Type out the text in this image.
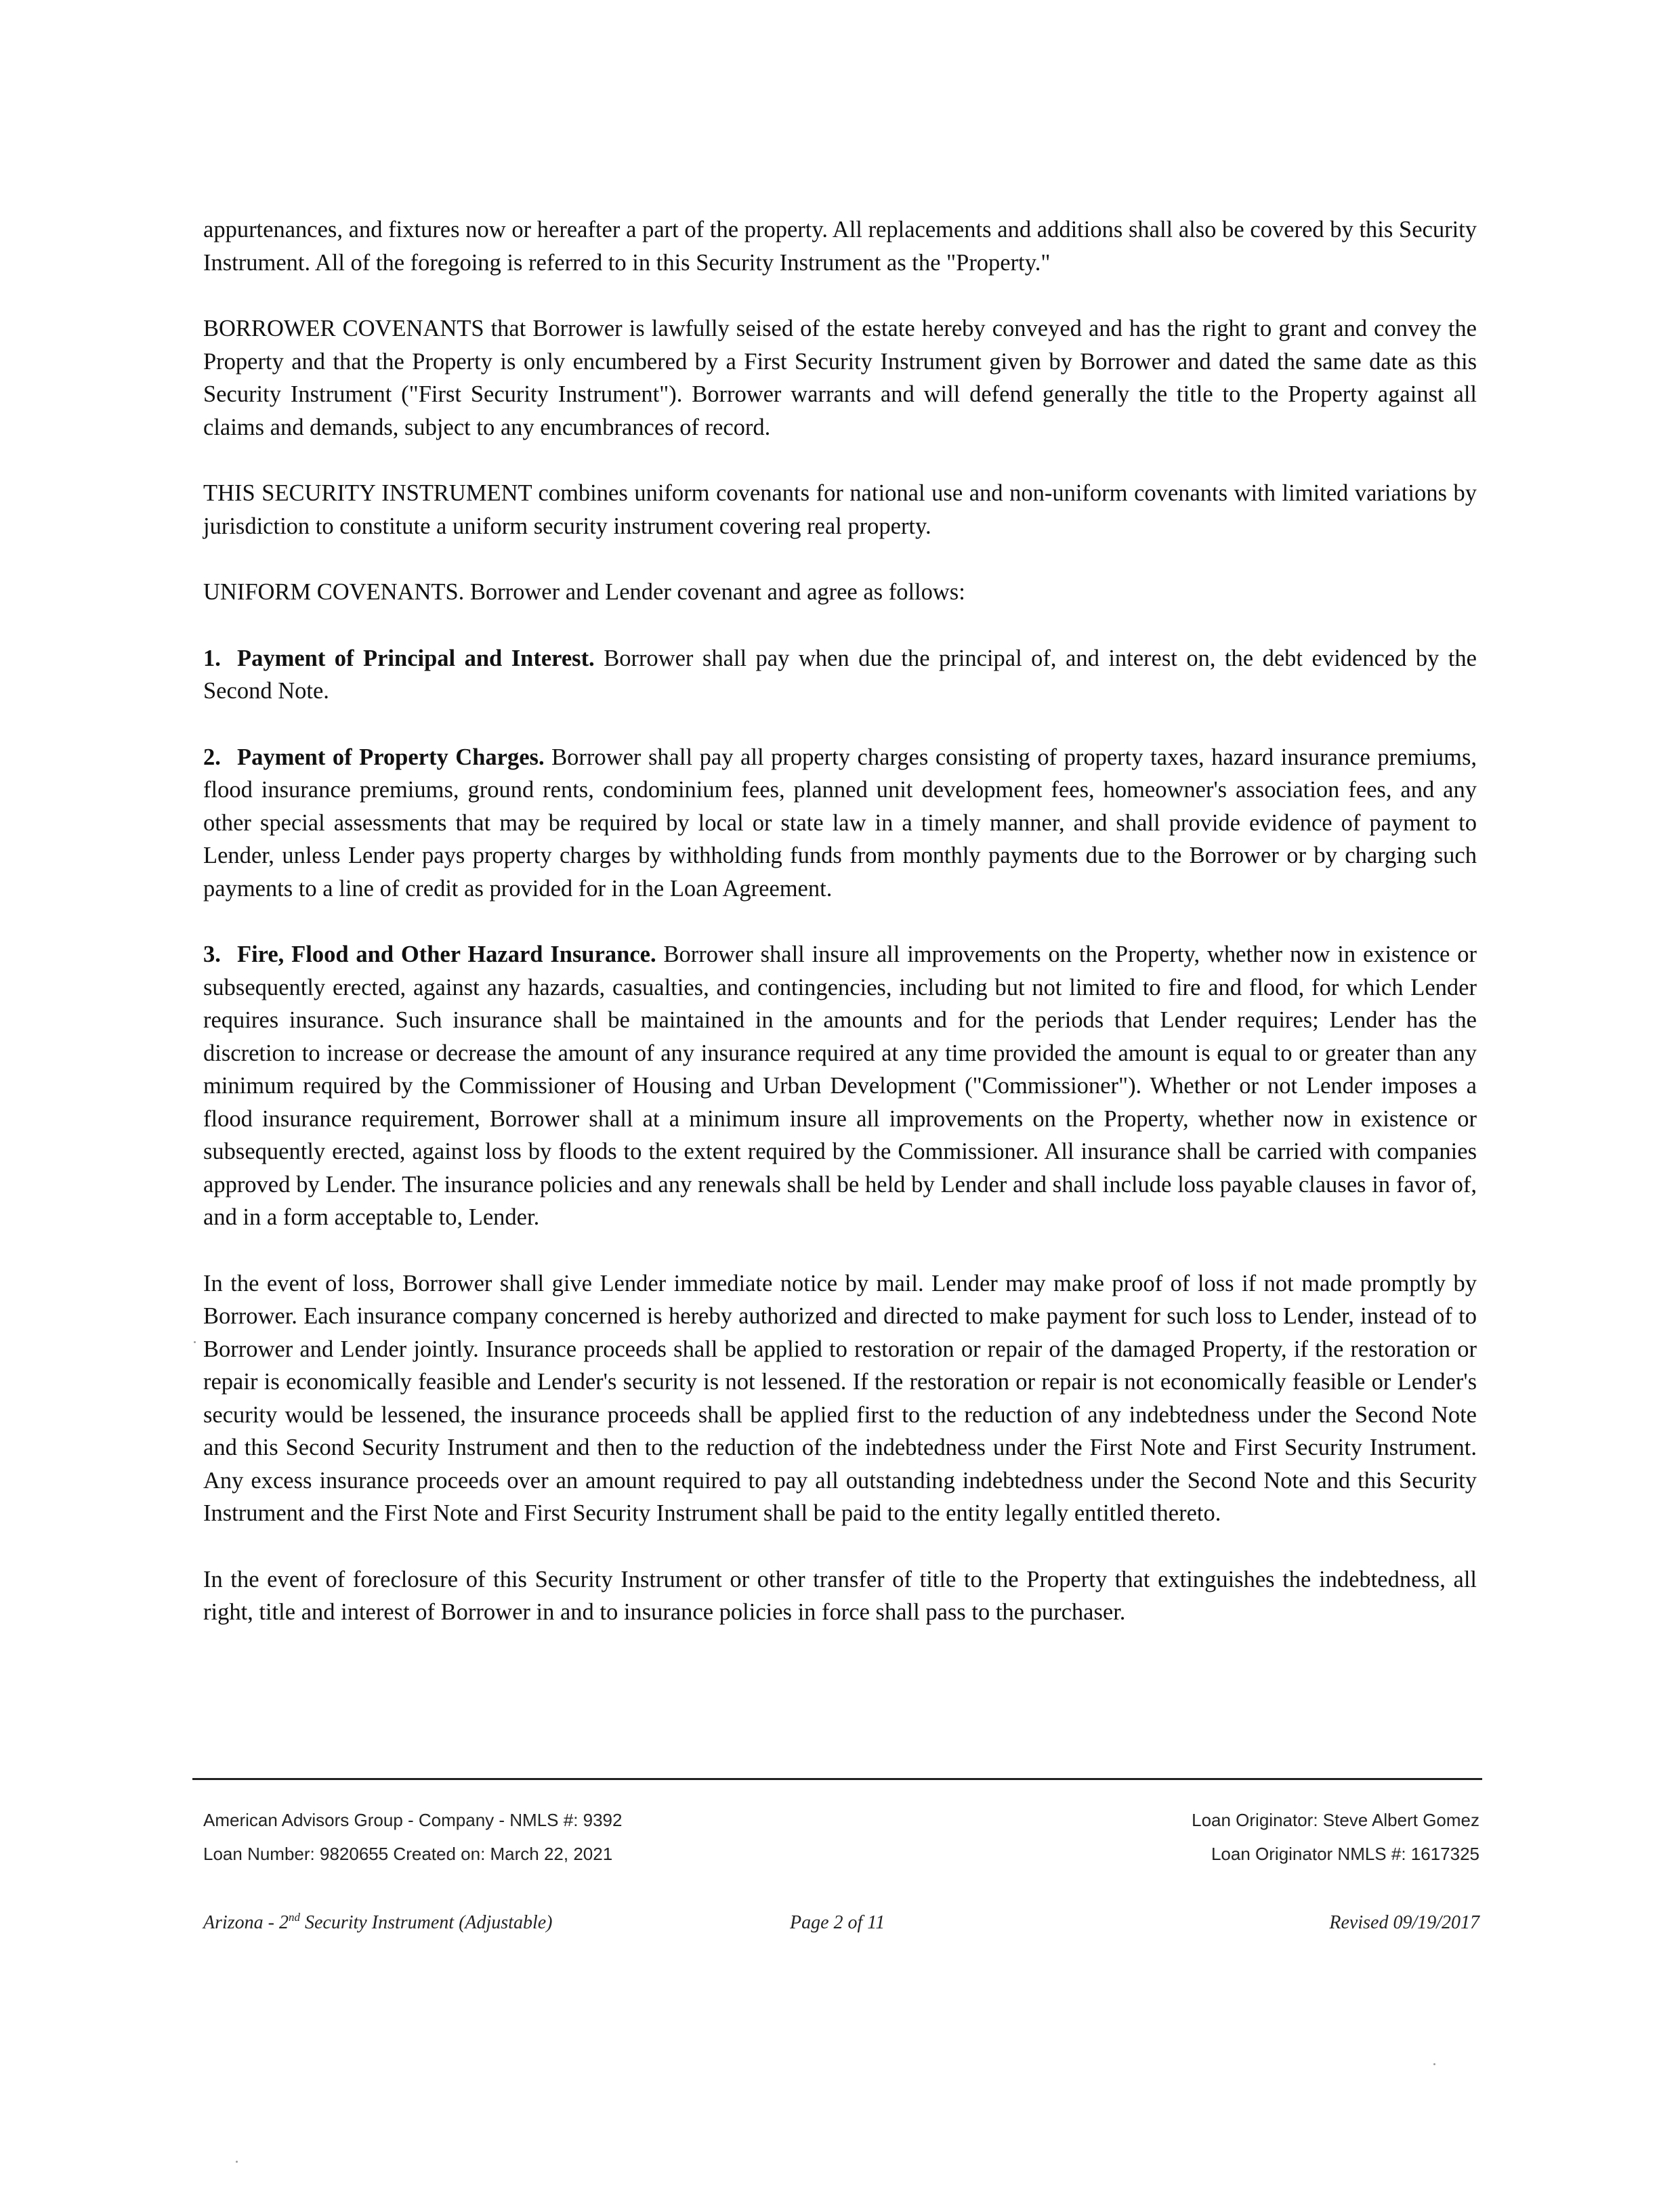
appurtenances, and fixtures now or hereafter a part of the property. All replacements and additions shall also be covered by this Security Instrument. All of the foregoing is referred to in this Security Instrument as the "Property."

BORROWER COVENANTS that Borrower is lawfully seised of the estate hereby conveyed and has the right to grant and convey the Property and that the Property is only encumbered by a First Security Instrument given by Borrower and dated the same date as this Security Instrument ("First Security Instrument"). Borrower warrants and will defend generally the title to the Property against all claims and demands, subject to any encumbrances of record.

THIS SECURITY INSTRUMENT combines uniform covenants for national use and non-uniform covenants with limited variations by jurisdiction to constitute a uniform security instrument covering real property.

UNIFORM COVENANTS. Borrower and Lender covenant and agree as follows:

1. Payment of Principal and Interest. Borrower shall pay when due the principal of, and interest on, the debt evidenced by the Second Note.

2. Payment of Property Charges. Borrower shall pay all property charges consisting of property taxes, hazard insurance premiums, flood insurance premiums, ground rents, condominium fees, planned unit development fees, homeowner's association fees, and any other special assessments that may be required by local or state law in a timely manner, and shall provide evidence of payment to Lender, unless Lender pays property charges by withholding funds from monthly payments due to the Borrower or by charging such payments to a line of credit as provided for in the Loan Agreement.

3. Fire, Flood and Other Hazard Insurance. Borrower shall insure all improvements on the Property, whether now in existence or subsequently erected, against any hazards, casualties, and contingencies, including but not limited to fire and flood, for which Lender requires insurance. Such insurance shall be maintained in the amounts and for the periods that Lender requires; Lender has the discretion to increase or decrease the amount of any insurance required at any time provided the amount is equal to or greater than any minimum required by the Commissioner of Housing and Urban Development ("Commissioner"). Whether or not Lender imposes a flood insurance requirement, Borrower shall at a minimum insure all improvements on the Property, whether now in existence or subsequently erected, against loss by floods to the extent required by the Commissioner. All insurance shall be carried with companies approved by Lender. The insurance policies and any renewals shall be held by Lender and shall include loss payable clauses in favor of, and in a form acceptable to, Lender.

In the event of loss, Borrower shall give Lender immediate notice by mail. Lender may make proof of loss if not made promptly by Borrower. Each insurance company concerned is hereby authorized and directed to make payment for such loss to Lender, instead of to Borrower and Lender jointly. Insurance proceeds shall be applied to restoration or repair of the damaged Property, if the restoration or repair is economically feasible and Lender's security is not lessened. If the restoration or repair is not economically feasible or Lender's security would be lessened, the insurance proceeds shall be applied first to the reduction of any indebtedness under the Second Note and this Second Security Instrument and then to the reduction of the indebtedness under the First Note and First Security Instrument. Any excess insurance proceeds over an amount required to pay all outstanding indebtedness under the Second Note and this Security Instrument and the First Note and First Security Instrument shall be paid to the entity legally entitled thereto.

In the event of foreclosure of this Security Instrument or other transfer of title to the Property that extinguishes the indebtedness, all right, title and interest of Borrower in and to insurance policies in force shall pass to the purchaser.

American Advisors Group - Company - NMLS #: 9392
Loan Number: 9820655 Created on: March 22, 2021
Loan Originator: Steve Albert Gomez
Loan Originator NMLS #: 1617325
Arizona - 2nd Security Instrument (Adjustable)	Page 2 of 11	Revised 09/19/2017
